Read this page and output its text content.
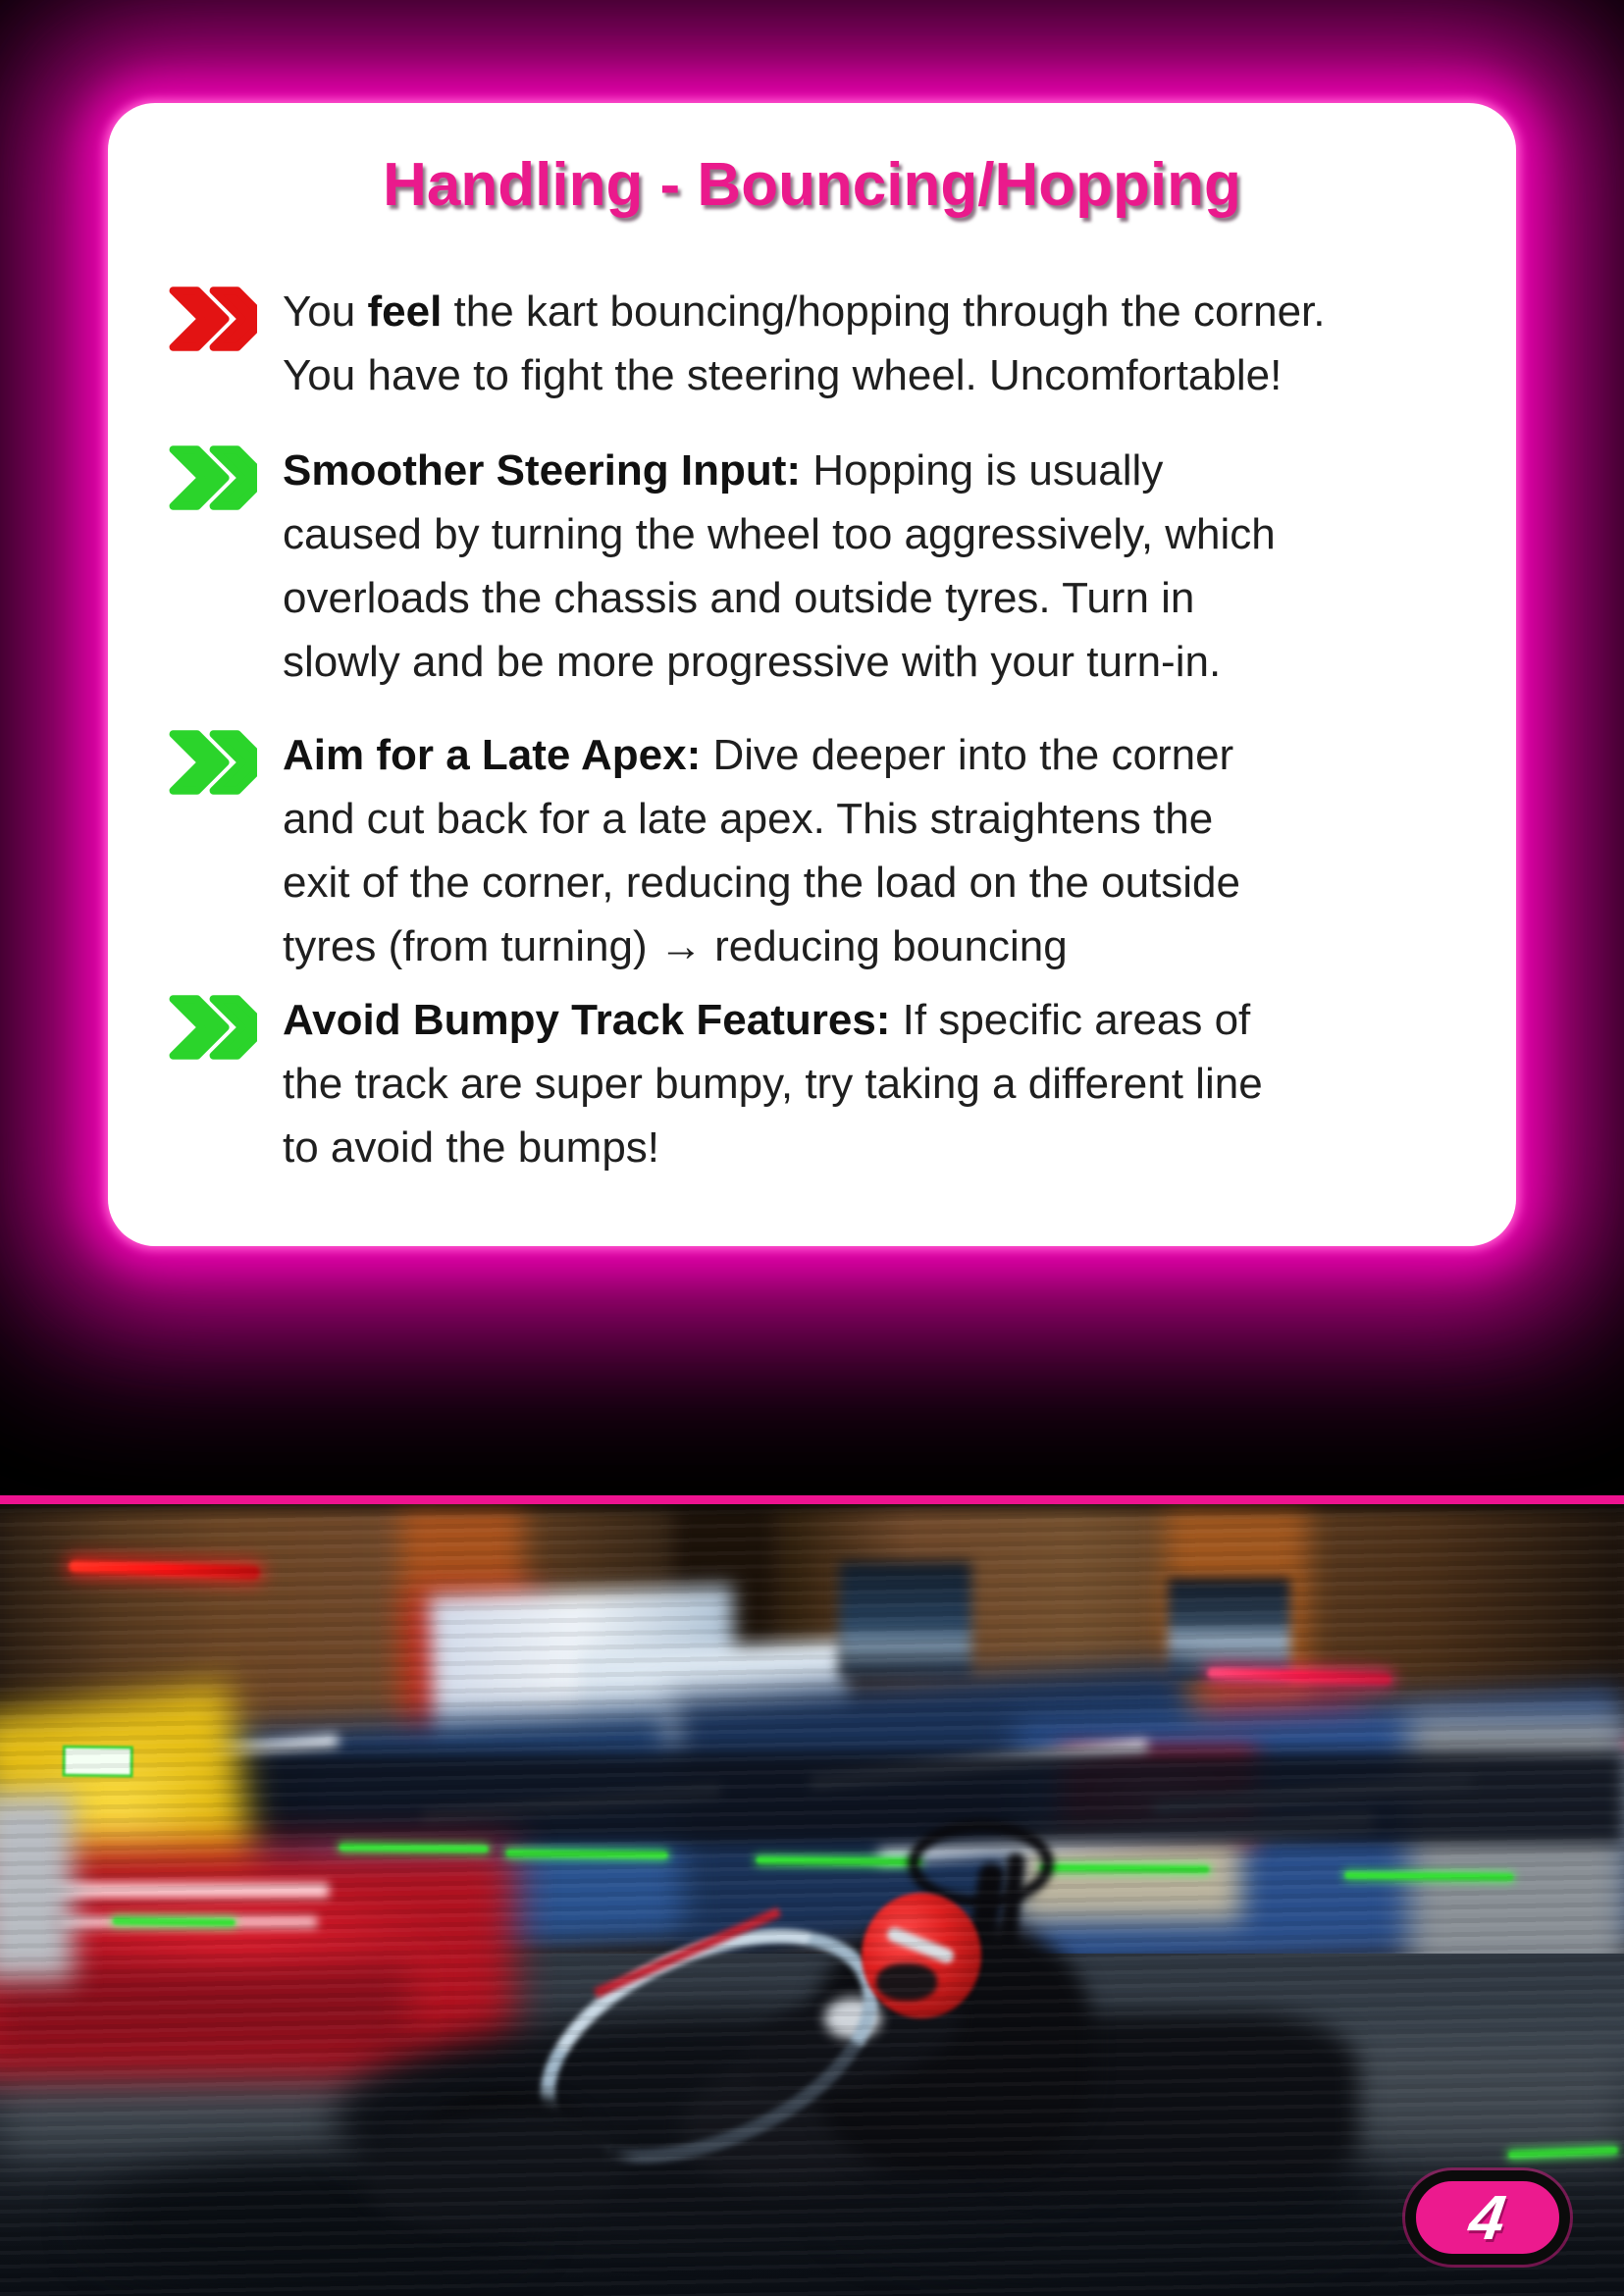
Handling - Bouncing/Hopping
You feel the kart bouncing/hopping through the corner.
You have to fight the steering wheel. Uncomfortable!
Smoother Steering Input: Hopping is usually
caused by turning the wheel too aggressively, which
overloads the chassis and outside tyres. Turn in
slowly and be more progressive with your turn-in.
Aim for a Late Apex: Dive deeper into the corner
and cut back for a late apex. This straightens the
exit of the corner, reducing the load on the outside
tyres (from turning) → reducing bouncing
Avoid Bumpy Track Features: If specific areas of
the track are super bumpy, try taking a different line
to avoid the bumps!
4
